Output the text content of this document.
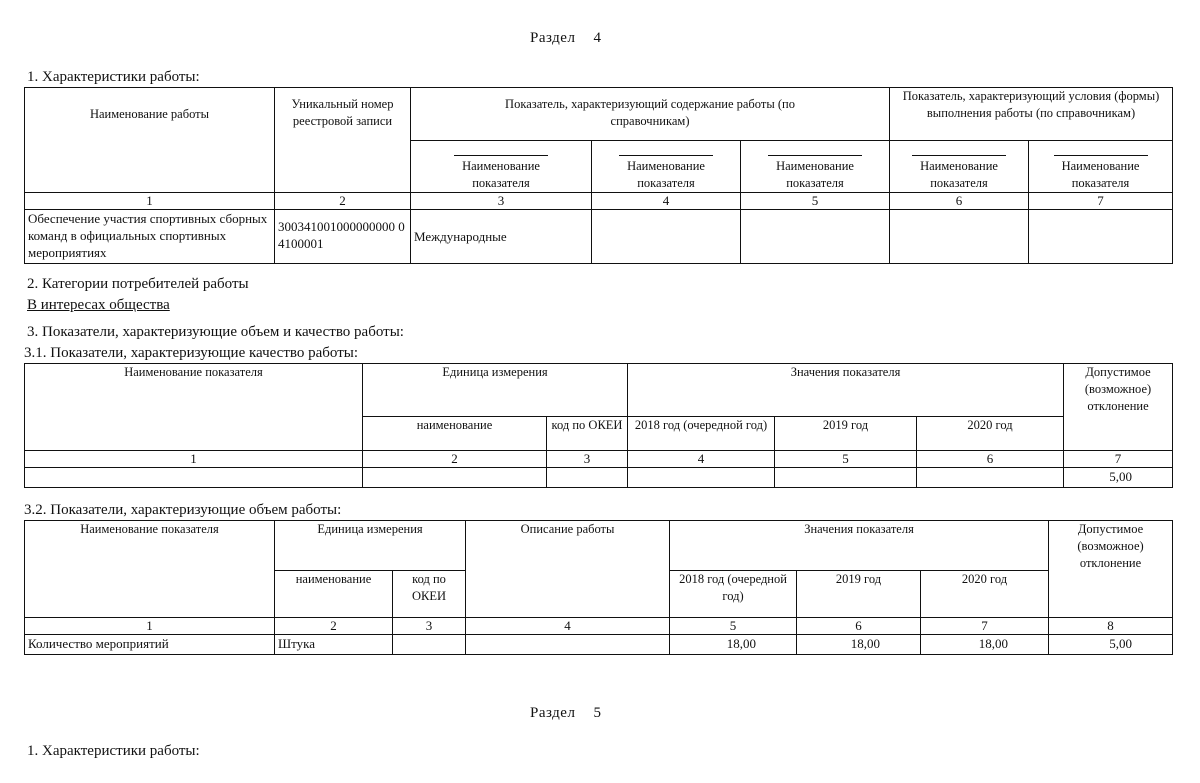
Раздел 4
1. Характеристики работы:
Наименование работы	Уникальный номер реестровой записи	Показатель, характеризующий содержание работы (по справочникам)			Показатель, характеризующий условия (формы) выполнения работы (по справочникам)	

		Наименование показателя	Наименование показателя	Наименование показателя	Наименование показателя	Наименование показателя

1	2	3	4	5	6	7
Обеспечение участия спортивных сборных команд в официальных спортивных мероприятиях	300341001000000000 04100001	Международные				
2. Категории потребителей работы
В интересах общества
3. Показатели, характеризующие объем и качество работы:
3.1. Показатели, характеризующие качество работы:
Наименование показателя	Единица измерения		Значения показателя			Допустимое (возможное) отклонение
	наименование	код по ОКЕИ	2018 год (очередной год)	2019 год	2020 год	
1	2	3	4	5	6	7
						5,00
3.2. Показатели, характеризующие объем работы:
Наименование показателя	Единица измерения		Описание работы	Значения показателя			Допустимое (возможное) отклонение
	наименование	код по ОКЕИ		2018 год (очередной год)	2019 год	2020 год	
1	2	3	4	5	6	7	8
Количество мероприятий	Штука			18,00	18,00	18,00	5,00
Раздел 5
1. Характеристики работы:
